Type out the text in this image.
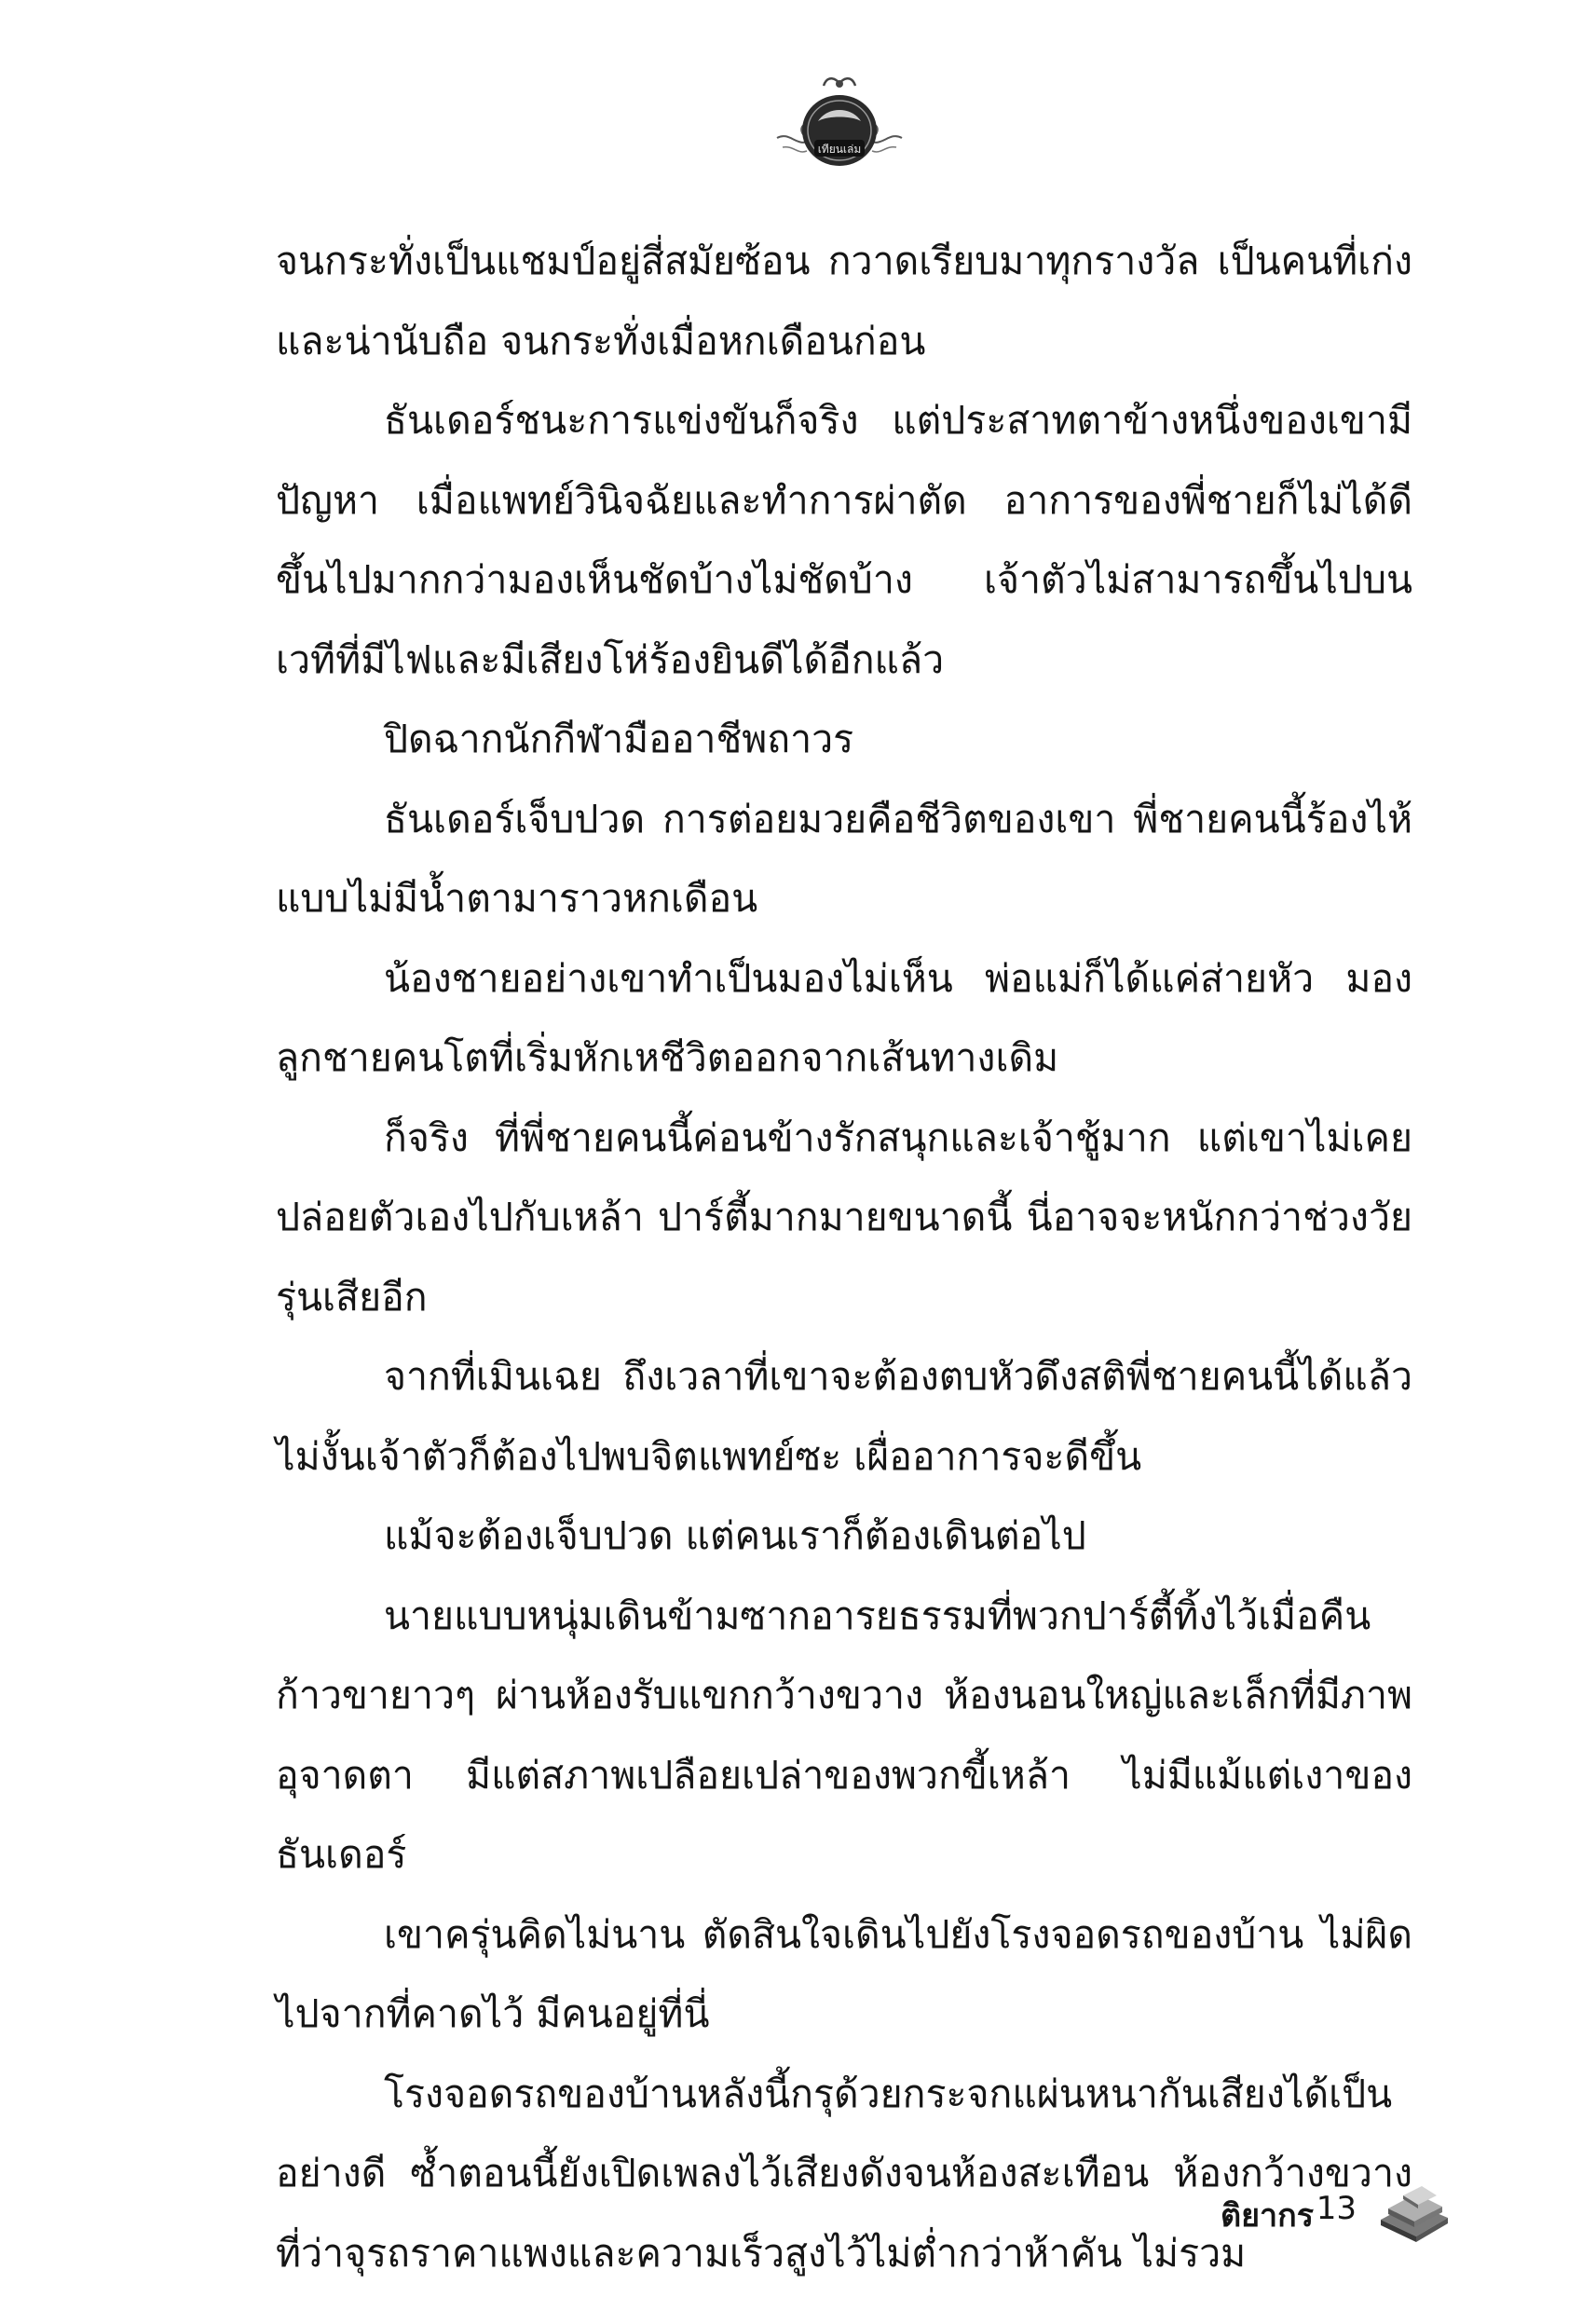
เทียนเล่ม

จนกระทั่งเป็นแชมป์อยู่สี่สมัยซ้อน กวาดเรียบมาทุกรางวัล เป็นคนที่เก่งและน่านับถือ จนกระทั่งเมื่อหกเดือนก่อน

ธันเดอร์ชนะการแข่งขันก็จริง แต่ประสาทตาข้างหนึ่งของเขามีปัญหา เมื่อแพทย์วินิจฉัยและทำการผ่าตัด อาการของพี่ชายก็ไม่ได้ดีขึ้นไปมากกว่ามองเห็นชัดบ้างไม่ชัดบ้าง เจ้าตัวไม่สามารถขึ้นไปบนเวทีที่มีไฟและมีเสียงโห่ร้องยินดีได้อีกแล้ว

ปิดฉากนักกีฬามืออาชีพถาวร

ธันเดอร์เจ็บปวด การต่อยมวยคือชีวิตของเขา พี่ชายคนนี้ร้องไห้แบบไม่มีน้ำตามาราวหกเดือน

น้องชายอย่างเขาทำเป็นมองไม่เห็น พ่อแม่ก็ได้แค่ส่ายหัว มองลูกชายคนโตที่เริ่มหักเหชีวิตออกจากเส้นทางเดิม

ก็จริง ที่พี่ชายคนนี้ค่อนข้างรักสนุกและเจ้าชู้มาก แต่เขาไม่เคยปล่อยตัวเองไปกับเหล้า ปาร์ตี้มากมายขนาดนี้ นี่อาจจะหนักกว่าช่วงวัยรุ่นเสียอีก

จากที่เมินเฉย ถึงเวลาที่เขาจะต้องตบหัวดึงสติพี่ชายคนนี้ได้แล้ว ไม่งั้นเจ้าตัวก็ต้องไปพบจิตแพทย์ซะ เผื่ออาการจะดีขึ้น

แม้จะต้องเจ็บปวด แต่คนเราก็ต้องเดินต่อไป

นายแบบหนุ่มเดินข้ามซากอารยธรรมที่พวกปาร์ตี้ทิ้งไว้เมื่อคืน ก้าวขายาวๆ ผ่านห้องรับแขกกว้างขวาง ห้องนอนใหญ่และเล็กที่มีภาพอุจาดตา มีแต่สภาพเปลือยเปล่าของพวกขี้เหล้า ไม่มีแม้แต่เงาของธันเดอร์

เขาครุ่นคิดไม่นาน ตัดสินใจเดินไปยังโรงจอดรถของบ้าน ไม่ผิดไปจากที่คาดไว้ มีคนอยู่ที่นี่

โรงจอดรถของบ้านหลังนี้กรุด้วยกระจกแผ่นหนากันเสียงได้เป็นอย่างดี ซ้ำตอนนี้ยังเปิดเพลงไว้เสียงดังจนห้องสะเทือน ห้องกว้างขวางที่ว่าจุรถราคาแพงและความเร็วสูงไว้ไม่ต่ำกว่าห้าคัน ไม่รวม

ติยากร 13
